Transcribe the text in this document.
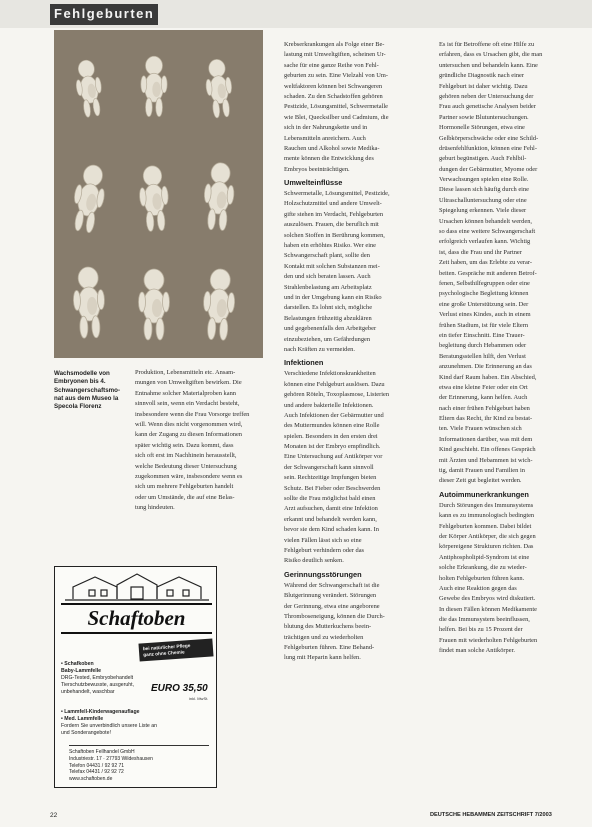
Fehlgeburten
Wachsmodelle von
Embryonen bis 4.
Schwangerschaftsmo-
nat aus dem Museo la
Specola Florenz
Produktion, Lebensmitteln etc. Ansam-
mungen von Umweltgiften bewirken. Die
Entnahme solcher Materialproben kann
sinnvoll sein, wenn ein Verdacht besteht,
insbesondere wenn die Frau Vorsorge treffen
will. Wenn dies nicht vorgenommen wird,
kann der Zugang zu diesen Informationen
später wichtig sein. Dazu kommt, dass
sich oft erst im Nachhinein herausstellt,
welche Bedeutung dieser Untersuchung
zugekommen wäre, insbesondere wenn es
sich um mehrere Fehlgeburten handelt
oder um Umstände, die auf eine Belas-
tung hindeuten.
Krebserkrankungen als Folge einer Be-
lastung mit Umweltgiften, scheinen Ur-
sache für eine ganze Reihe von Fehl-
geburten zu sein. Eine Vielzahl von Um-
weltfaktoren können bei Schwangeren
schaden. Zu den Schadstoffen gehören
Pestizide, Lösungsmittel, Schwermetalle
wie Blei, Quecksilber und Cadmium, die
sich in der Nahrungskette und in
Lebensmitteln anreichern. Auch
Rauchen und Alkohol sowie Medika-
mente können die Entwicklung des
Embryos beeinträchtigen.
Umwelteinflüsse
Schwermetalle, Lösungsmittel, Pestizide,
Holzschutzmittel und andere Umwelt-
gifte stehen im Verdacht, Fehlgeburten
auszulösen. Frauen, die beruflich mit
solchen Stoffen in Berührung kommen,
haben ein erhöhtes Risiko. Wer eine
Schwangerschaft plant, sollte den
Kontakt mit solchen Substanzen mei-
den und sich beraten lassen. Auch
Strahlenbelastung am Arbeitsplatz
und in der Umgebung kann ein Risiko
darstellen. Es lohnt sich, mögliche
Belastungen frühzeitig abzuklären
und gegebenenfalls den Arbeitgeber
einzubeziehen, um Gefährdungen
nach Kräften zu vermeiden.
Infektionen
Verschiedene Infektionskrankheiten
können eine Fehlgeburt auslösen. Dazu
gehören Röteln, Toxoplasmose, Listerien
und andere bakterielle Infektionen.
Auch Infektionen der Gebärmutter und
des Muttermundes können eine Rolle
spielen. Besonders in den ersten drei
Monaten ist der Embryo empfindlich.
Eine Untersuchung auf Antikörper vor
der Schwangerschaft kann sinnvoll
sein. Rechtzeitige Impfungen bieten
Schutz. Bei Fieber oder Beschwerden
sollte die Frau möglichst bald einen
Arzt aufsuchen, damit eine Infektion
erkannt und behandelt werden kann,
bevor sie dem Kind schaden kann. In
vielen Fällen lässt sich so eine
Fehlgeburt verhindern oder das
Risiko deutlich senken.
Gerinnungsstörungen
Während der Schwangerschaft ist die
Blutgerinnung verändert. Störungen
der Gerinnung, etwa eine angeborene
Thromboseneigung, können die Durch-
blutung des Mutterkuchens beein-
trächtigen und zu wiederholten
Fehlgeburten führen. Eine Behand-
lung mit Heparin kann helfen.
Es ist für Betroffene oft eine Hilfe zu
erfahren, dass es Ursachen gibt, die man
untersuchen und behandeln kann. Eine
gründliche Diagnostik nach einer
Fehlgeburt ist daher wichtig. Dazu
gehören neben der Untersuchung der
Frau auch genetische Analysen beider
Partner sowie Blutuntersuchungen.
Hormonelle Störungen, etwa eine
Gelbkörperschwäche oder eine Schild-
drüsenfehlfunktion, können eine Fehl-
geburt begünstigen. Auch Fehlbil-
dungen der Gebärmutter, Myome oder
Verwachsungen spielen eine Rolle.
Diese lassen sich häufig durch eine
Ultraschalluntersuchung oder eine
Spiegelung erkennen. Viele dieser
Ursachen können behandelt werden,
so dass eine weitere Schwangerschaft
erfolgreich verlaufen kann. Wichtig
ist, dass die Frau und ihr Partner
Zeit haben, um das Erlebte zu verar-
beiten. Gespräche mit anderen Betrof-
fenen, Selbsthilfegruppen oder eine
psychologische Begleitung können
eine große Unterstützung sein. Der
Verlust eines Kindes, auch in einem
frühen Stadium, ist für viele Eltern
ein tiefer Einschnitt. Eine Trauer-
begleitung durch Hebammen oder
Beratungsstellen hilft, den Verlust
anzunehmen. Die Erinnerung an das
Kind darf Raum haben. Ein Abschied,
etwa eine kleine Feier oder ein Ort
der Erinnerung, kann helfen. Auch
nach einer frühen Fehlgeburt haben
Eltern das Recht, ihr Kind zu bestat-
ten. Viele Frauen wünschen sich
Informationen darüber, was mit dem
Kind geschieht. Ein offenes Gespräch
mit Ärzten und Hebammen ist wich-
tig, damit Frauen und Familien in
dieser Zeit gut begleitet werden.
Autoimmunerkrankungen
Durch Störungen des Immunsystems
kann es zu immunologisch bedingten
Fehlgeburten kommen. Dabei bildet
der Körper Antikörper, die sich gegen
körpereigene Strukturen richten. Das
Antiphospholipid-Syndrom ist eine
solche Erkrankung, die zu wieder-
holten Fehlgeburten führen kann.
Auch eine Reaktion gegen das
Gewebe des Embryos wird diskutiert.
In diesen Fällen können Medikamente
die das Immunsystem beeinflussen,
helfen. Bei bis zu 15 Prozent der
Frauen mit wiederholten Fehlgeburten
findet man solche Antikörper.
Schaftoben
bei natürlicher Pflege
ganz ohne Chemie
• Schafkoben
Baby-Lammfelle
DRG-Tested, Embryobehandelt
Tierschutzbewusste, ausgeruht,
unbehandelt, waschbar	EURO 35,50
inkl. MwSt.
• Lammfell-Kinderwagenauflage
• Med. Lammfelle
Fordern Sie unverbindlich unsere Liste an
und Sonderangebote!
Schaftoben Fellhandel GmbH
Industriestr. 17 · 27793 Wildeshausen
Telefon 04431 / 92 92 71
Telefax 04431 / 92 92 72
www.schaftoben.de
22	DEUTSCHE HEBAMMEN ZEITSCHRIFT 7/2003
